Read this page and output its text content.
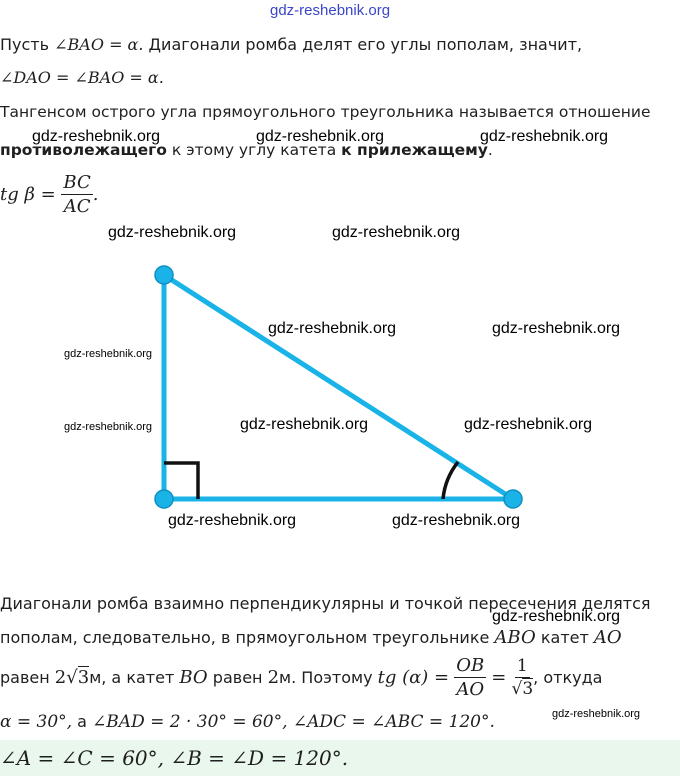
gdz-reshebnik.org
Пусть ∠BAO = α. Диагонали ромба делят его углы пополам, значит,
∠DAO = ∠BAO = α.
Тангенсом острого угла прямоугольного треугольника называется отношение
противолежащего к этому углу катета к прилежащему.
tg $\beta = \frac{BC}{AC}$ .
gdz-reshebnik.org	gdz-reshebnik.org	gdz-reshebnik.org
gdz-reshebnik.org	gdz-reshebnik.org
gdz-reshebnik.org	gdz-reshebnik.org
gdz-reshebnik.org
gdz-reshebnik.org	gdz-reshebnik.org	gdz-reshebnik.org
gdz-reshebnik.org	gdz-reshebnik.org
Диагонали ромба взаимно перпендикулярны и точкой пересечения делятся
gdz-reshebnik.org
пополам, следовательно, в прямоугольном треугольнике ABO катет AO
равен
2 √ 3 м, а катет
BO
равен
2 м. Поэтому
tg (α) =
$\frac{OB}{AO}$
=
$\frac{1}{√3}$ , откуда
α = 30°, а ∠BAD = 2 · 30° = 60°, ∠ADC = ∠ABC = 120°.	gdz-reshebnik.org
∠A = ∠C = 60°, ∠B = ∠D = 120°.
